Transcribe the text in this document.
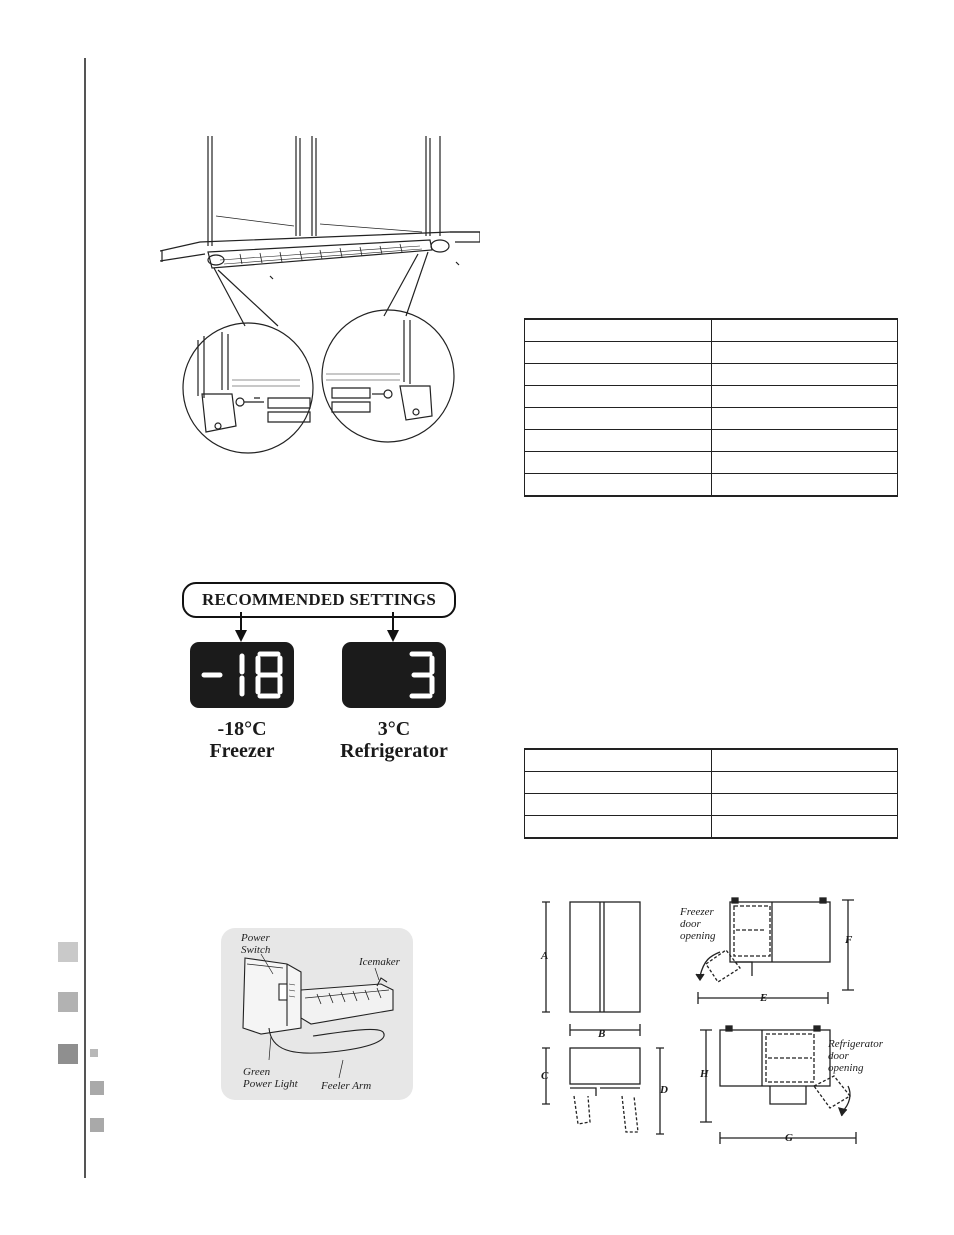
RECOMMENDED SETTINGS
-18°C
Freezer
3°C
Refrigerator

Power
Switch
Icemaker
Green
Power Light Feeler Arm
A
B
C
D
E
F
G
H
Freezer
door
opening
Refrigerator
door
opening
